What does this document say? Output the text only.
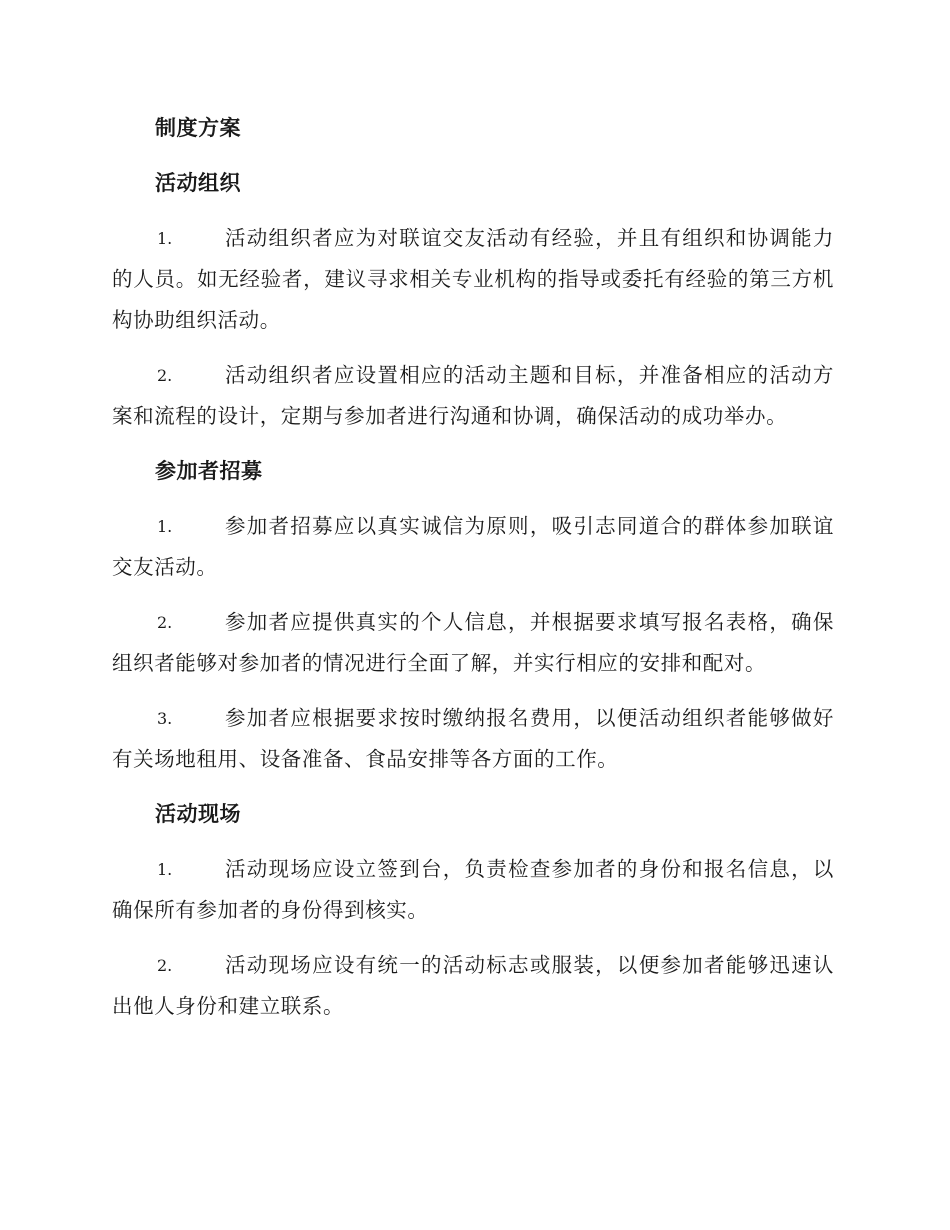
制度方案
活动组织

1.	活动组织者应为对联谊交友活动有经验，并且有组织和协调能力的人员。如无经验者，建议寻求相关专业机构的指导或委托有经验的第三方机构协助组织活动。

2.	活动组织者应设置相应的活动主题和目标，并准备相应的活动方案和流程的设计，定期与参加者进行沟通和协调，确保活动的成功举办。

参加者招募

1.	参加者招募应以真实诚信为原则，吸引志同道合的群体参加联谊交友活动。

2.	参加者应提供真实的个人信息，并根据要求填写报名表格，确保组织者能够对参加者的情况进行全面了解，并实行相应的安排和配对。

3.	参加者应根据要求按时缴纳报名费用，以便活动组织者能够做好有关场地租用、设备准备、食品安排等各方面的工作。

活动现场

1.	活动现场应设立签到台，负责检查参加者的身份和报名信息，以确保所有参加者的身份得到核实。

2.	活动现场应设有统一的活动标志或服装，以便参加者能够迅速认出他人身份和建立联系。
